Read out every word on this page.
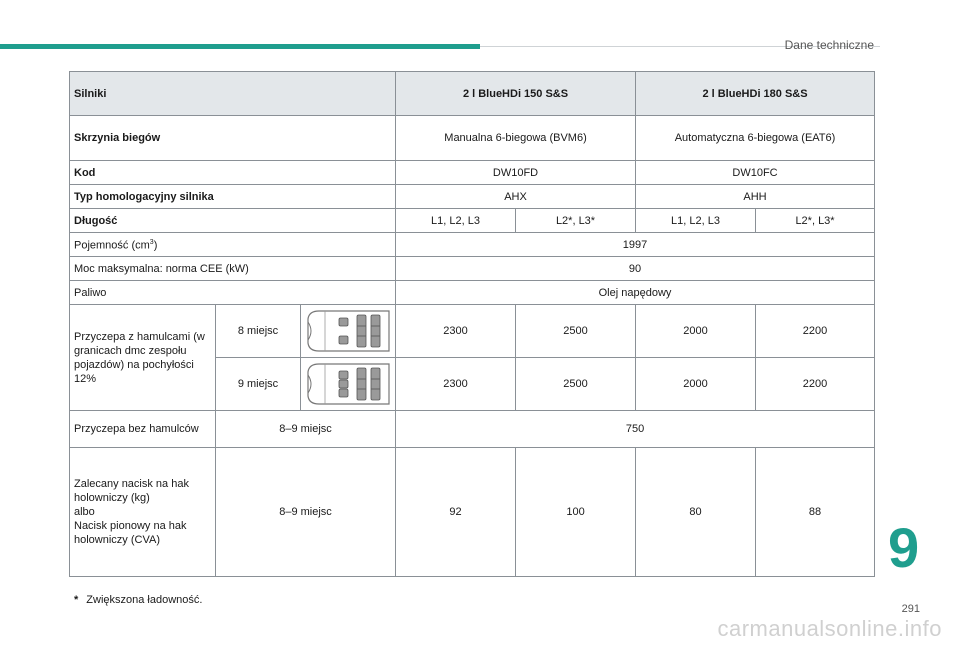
Dane techniczne
Silniki			2 l BlueHDi 150 S&S		2 l BlueHDi 180 S&S	
Skrzynia biegów			Manualna 6-biegowa (BVM6)		Automatyczna 6-biegowa (EAT6)	
Kod			DW10FD		DW10FC	
Typ homologacyjny silnika			AHX		AHH	
Długość			L1, L2, L3	L2*, L3*	L1, L2, L3	L2*, L3*
Pojemność $(cm^3)$			1997			
Moc maksymalna: norma CEE (kW)			90			
Paliwo			Olej napędowy			
Przyczepa z hamulcami (w granicach dmc zespołu pojazdów) na pochyłości 12%	8 miejsc		2300	2500	2000	2200
	9 miejsc		2300	2500	2000	2200
Przyczepa bez hamulców	8–9 miejsc		750			

Zalecany nacisk na hak
holowniczy (kg)
albo
Nacisk pionowy na hak
holowniczy (CVA)	8–9 miejsc		92	100	80	88
* Zwiększona ładowność.
9
291
carmanualsonline.info
